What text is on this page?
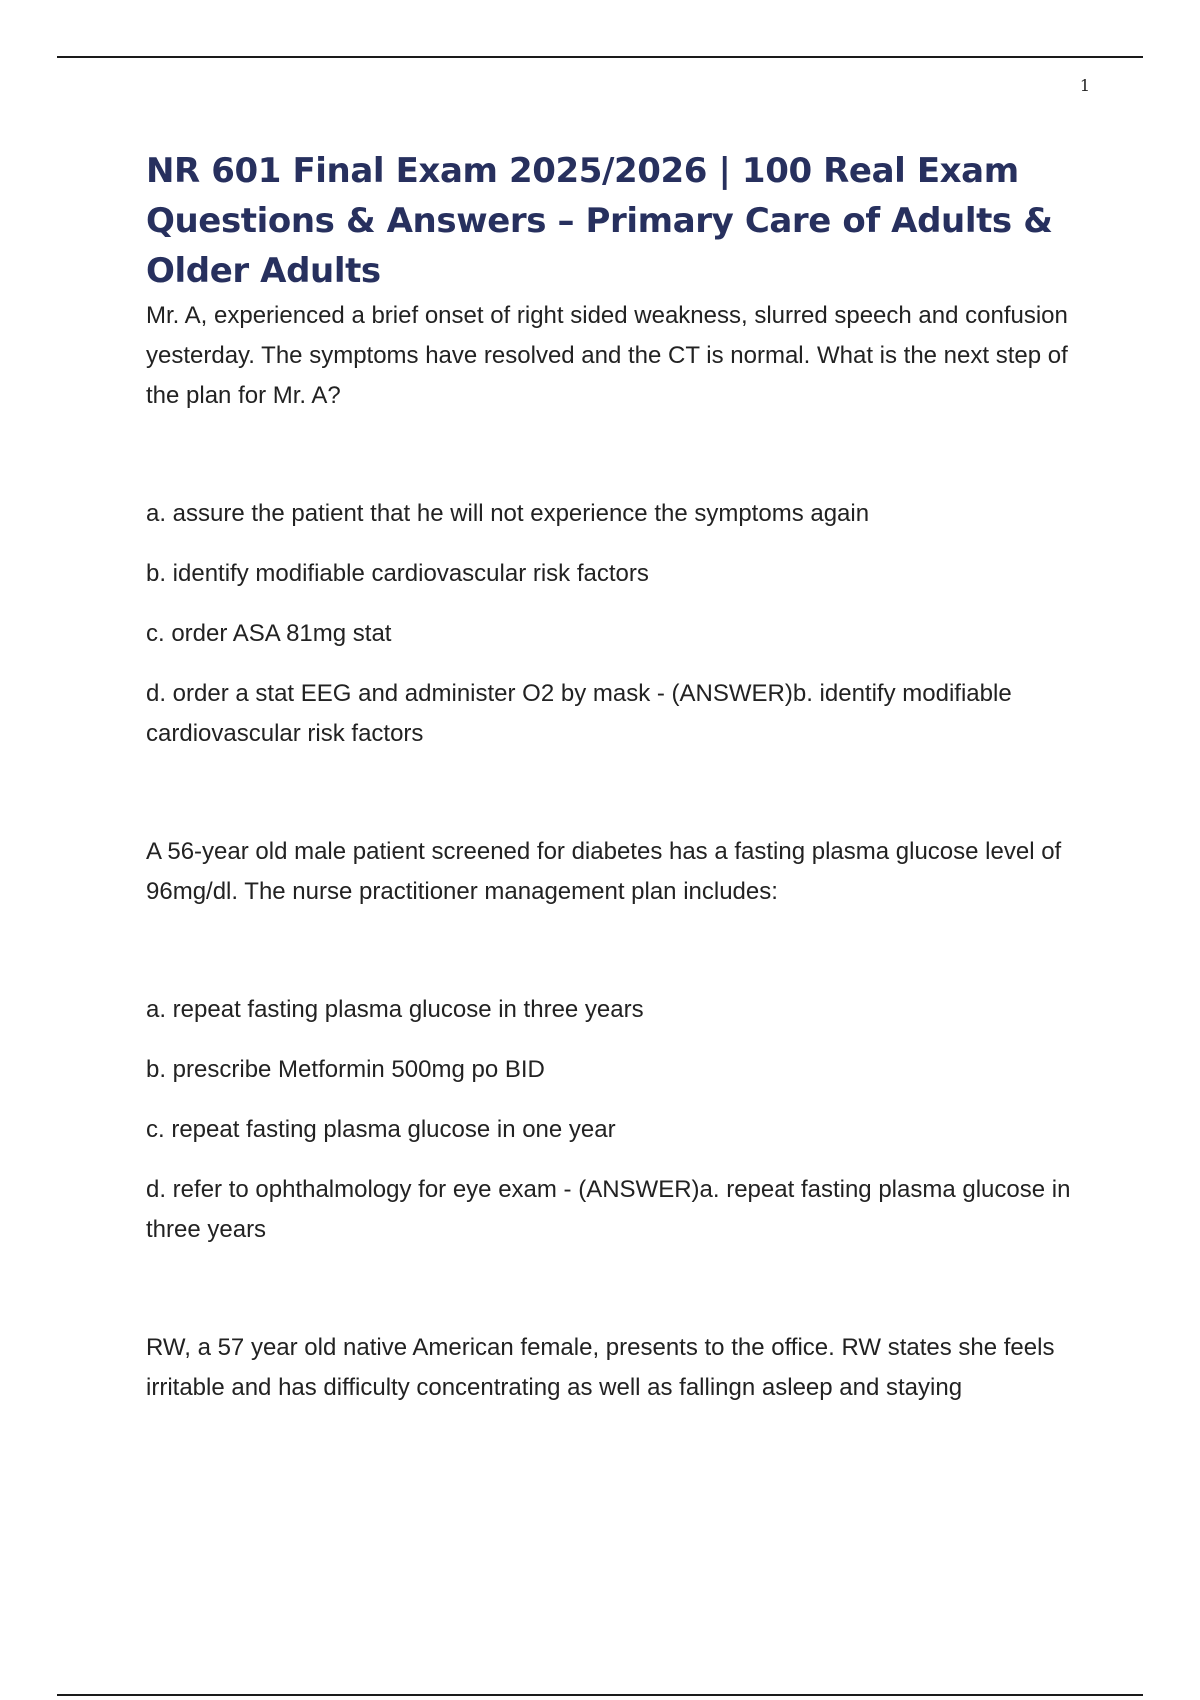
1
NR 601 Final Exam 2025/2026 | 100 Real Exam Questions & Answers – Primary Care of Adults & Older Adults

Mr. A, experienced a brief onset of right sided weakness, slurred speech and confusion yesterday. The symptoms have resolved and the CT is normal. What is the next step of the plan for Mr. A?

a. assure the patient that he will not experience the symptoms again

b. identify modifiable cardiovascular risk factors

c. order ASA 81mg stat

d. order a stat EEG and administer O2 by mask - (ANSWER)b. identify modifiable cardiovascular risk factors

A 56-year old male patient screened for diabetes has a fasting plasma glucose level of 96mg/dl. The nurse practitioner management plan includes:

a. repeat fasting plasma glucose in three years

b. prescribe Metformin 500mg po BID

c. repeat fasting plasma glucose in one year

d. refer to ophthalmology for eye exam - (ANSWER)a. repeat fasting plasma glucose in three years

RW, a 57 year old native American female, presents to the office. RW states she feels irritable and has difficulty concentrating as well as fallingn asleep and staying
